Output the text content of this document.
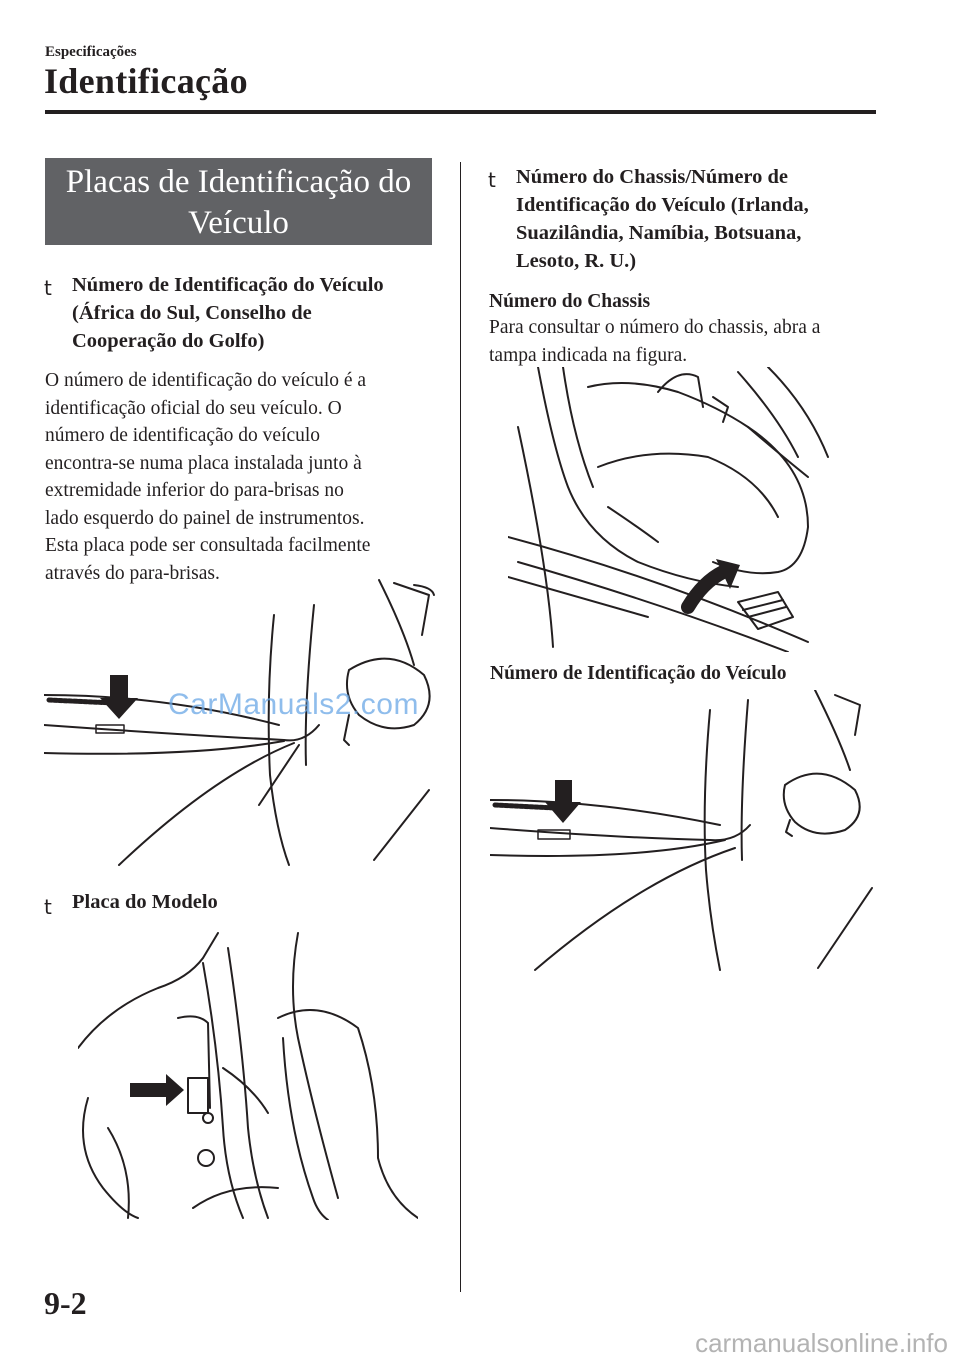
Especificações
Identificação
Placas de Identificação do
Veículo
t Número de Identificação do Veículo
(África do Sul, Conselho de
Cooperação do Golfo)
O número de identificação do veículo é a
identificação oficial do seu veículo. O
número de identificação do veículo
encontra-se numa placa instalada junto à
extremidade inferior do para-brisas no
lado esquerdo do painel de instrumentos.
Esta placa pode ser consultada facilmente
através do para-brisas.
CarManuals2.com
t Placa do Modelo
t Número do Chassis/Número de
Identificação do Veículo (Irlanda,
Suazilândia, Namíbia, Botsuana,
Lesoto, R. U.)
Número do Chassis
Para consultar o número do chassis, abra a
tampa indicada na figura.
Número de Identificação do Veículo
9-2
carmanualsonline.info
